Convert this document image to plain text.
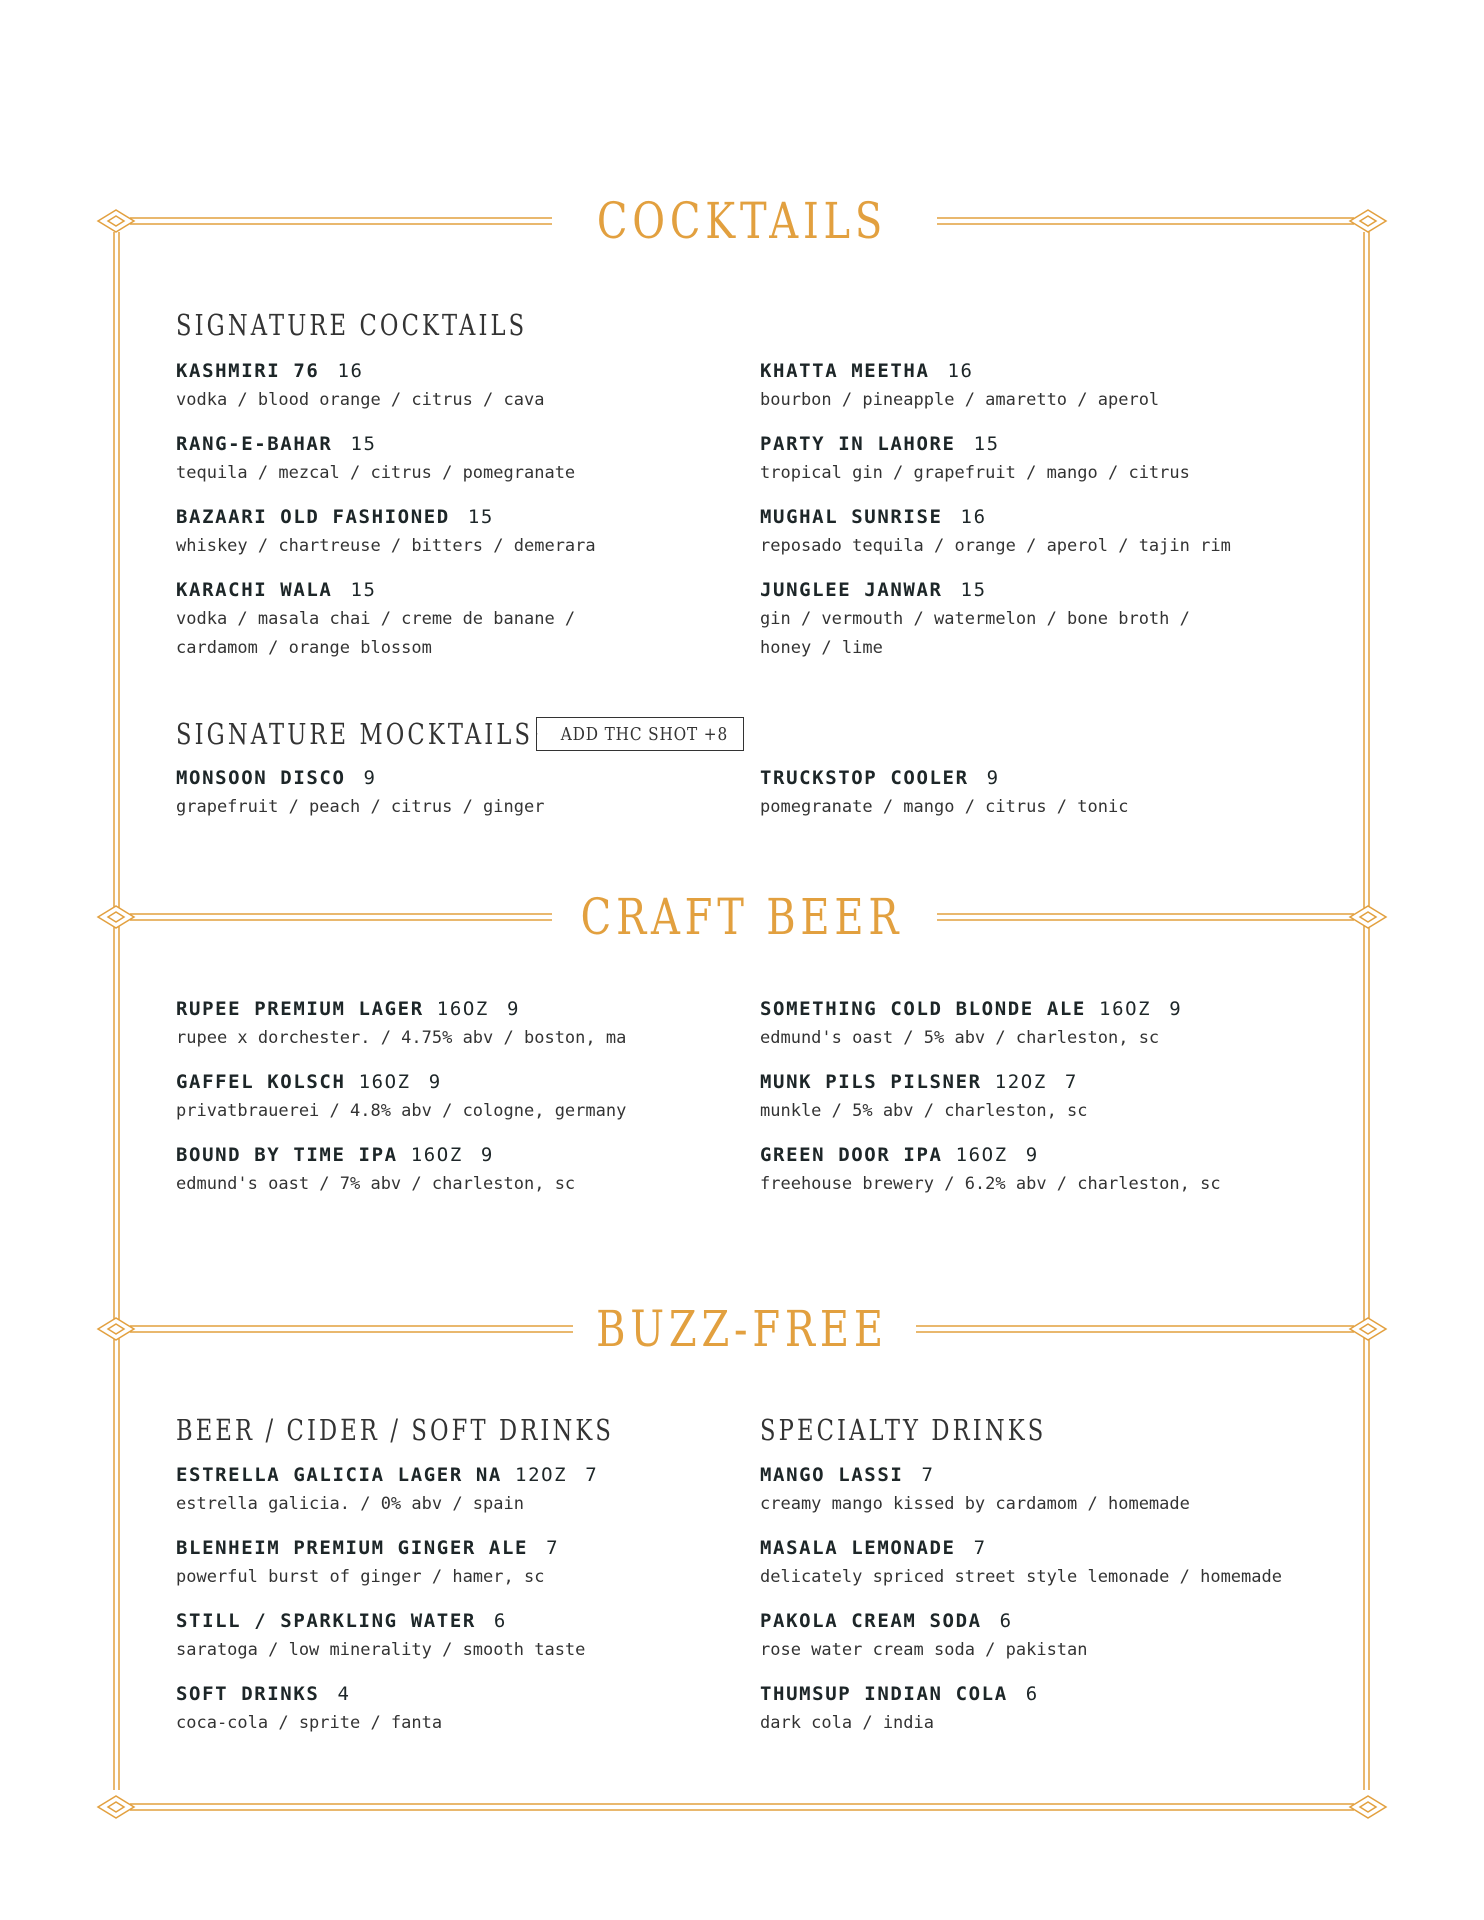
COCKTAILS
SIGNATURE COCKTAILS
KASHMIRI 76 16
vodka / blood orange / citrus / cava
RANG-E-BAHAR 15
tequila / mezcal / citrus / pomegranate
BAZAARI OLD FASHIONED 15
whiskey / chartreuse / bitters / demerara
KARACHI WALA 15
vodka / masala chai / creme de banane /
cardamom / orange blossom
KHATTA MEETHA 16
bourbon / pineapple / amaretto / aperol
PARTY IN LAHORE 15
tropical gin / grapefruit / mango / citrus
MUGHAL SUNRISE 16
reposado tequila / orange / aperol / tajin rim
JUNGLEE JANWAR 15
gin / vermouth / watermelon / bone broth /
honey / lime
SIGNATURE MOCKTAILS ADD THC SHOT +8
MONSOON DISCO 9
grapefruit / peach / citrus / ginger
TRUCKSTOP COOLER 9
pomegranate / mango / citrus / tonic
CRAFT BEER
RUPEE PREMIUM LAGER 16OZ 9
rupee x dorchester. / 4.75% abv / boston, ma
GAFFEL KOLSCH 16OZ 9
privatbrauerei / 4.8% abv / cologne, germany
BOUND BY TIME IPA 16OZ 9
edmund's oast / 7% abv / charleston, sc
SOMETHING COLD BLONDE ALE 16OZ 9
edmund's oast / 5% abv / charleston, sc
MUNK PILS PILSNER 12OZ 7
munkle / 5% abv / charleston, sc
GREEN DOOR IPA 16OZ 9
freehouse brewery / 6.2% abv / charleston, sc
BUZZ-FREE
BEER / CIDER / SOFT DRINKS	SPECIALTY DRINKS
ESTRELLA GALICIA LAGER NA 12OZ 7
estrella galicia. / 0% abv / spain
BLENHEIM PREMIUM GINGER ALE 7
powerful burst of ginger / hamer, sc
STILL / SPARKLING WATER 6
saratoga / low minerality / smooth taste
SOFT DRINKS 4
coca-cola / sprite / fanta
MANGO LASSI 7
creamy mango kissed by cardamom / homemade
MASALA LEMONADE 7
delicately spriced street style lemonade / homemade
PAKOLA CREAM SODA 6
rose water cream soda / pakistan
THUMSUP INDIAN COLA 6
dark cola / india
